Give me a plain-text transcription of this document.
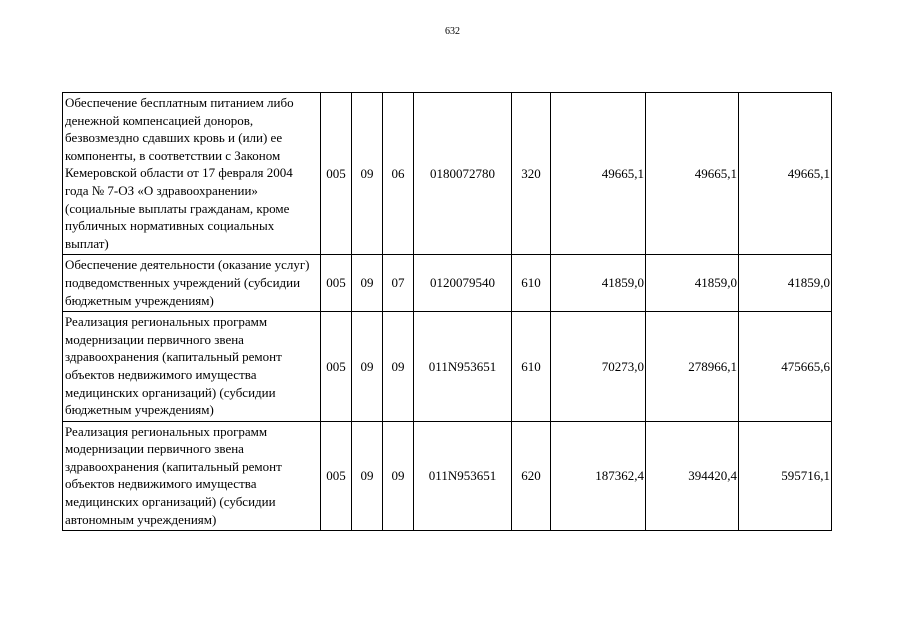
632
Обеспечение бесплатным питанием либо денежной компенсацией доноров, безвозмездно сдавших кровь и (или) ее компоненты, в соответствии с Законом Кемеровской области от 17 февраля 2004 года № 7-ОЗ «О здравоохранении» (социальные выплаты гражданам, кроме публичных нормативных социальных выплат)	005	09	06	0180072780	320	49665,1	49665,1	49665,1
Обеспечение деятельности (оказание услуг) подведомственных учреждений (субсидии бюджетным учреждениям)	005	09	07	0120079540	610	41859,0	41859,0	41859,0
Реализация региональных программ модернизации первичного звена здравоохранения (капитальный ремонт объектов недвижимого имущества медицинских организаций) (субсидии бюджетным учреждениям)	005	09	09	011N953651	610	70273,0	278966,1	475665,6
Реализация региональных программ модернизации первичного звена здравоохранения (капитальный ремонт объектов недвижимого имущества медицинских организаций) (субсидии автономным учреждениям)	005	09	09	011N953651	620	187362,4	394420,4	595716,1
